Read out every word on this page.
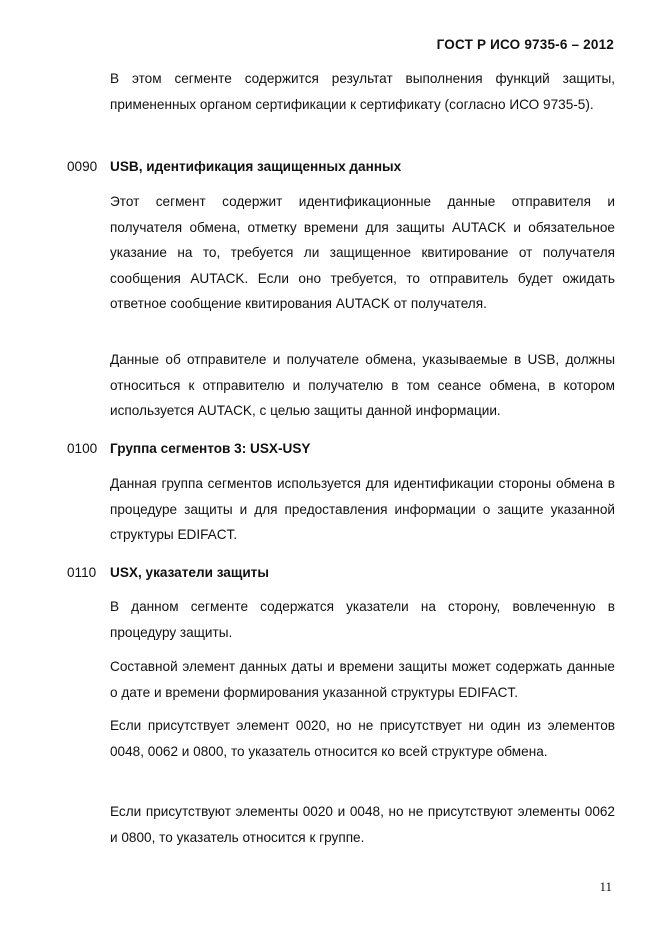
ГОСТ Р ИСО 9735-6 – 2012
В этом сегменте содержится результат выполнения функций защиты, примененных органом сертификации к сертификату (согласно ИСО 9735-5).
0090 USB, идентификация защищенных данных
Этот сегмент содержит идентификационные данные отправителя и получателя обмена, отметку времени для защиты AUTACK и обязательное указание на то, требуется ли защищенное квитирование от получателя сообщения AUTACK. Если оно требуется, то отправитель будет ожидать ответное сообщение квитирования AUTACK от получателя.
Данные об отправителе и получателе обмена, указываемые в USB, должны относиться к отправителю и получателю в том сеансе обмена, в котором используется AUTACK, с целью защиты данной информации.
0100 Группа сегментов 3: USX-USY
Данная группа сегментов используется для идентификации стороны обмена в процедуре защиты и для предоставления информации о защите указанной структуры EDIFACT.
0110 USX, указатели защиты
В данном сегменте содержатся указатели на сторону, вовлеченную в процедуру защиты.
Составной элемент данных даты и времени защиты может содержать данные о дате и времени формирования указанной структуры EDIFACT.
Если присутствует элемент 0020, но не присутствует ни один из элементов 0048, 0062 и 0800, то указатель относится ко всей структуре обмена.
Если присутствуют элементы 0020 и 0048, но не присутствуют элементы 0062 и 0800, то указатель относится к группе.
11
